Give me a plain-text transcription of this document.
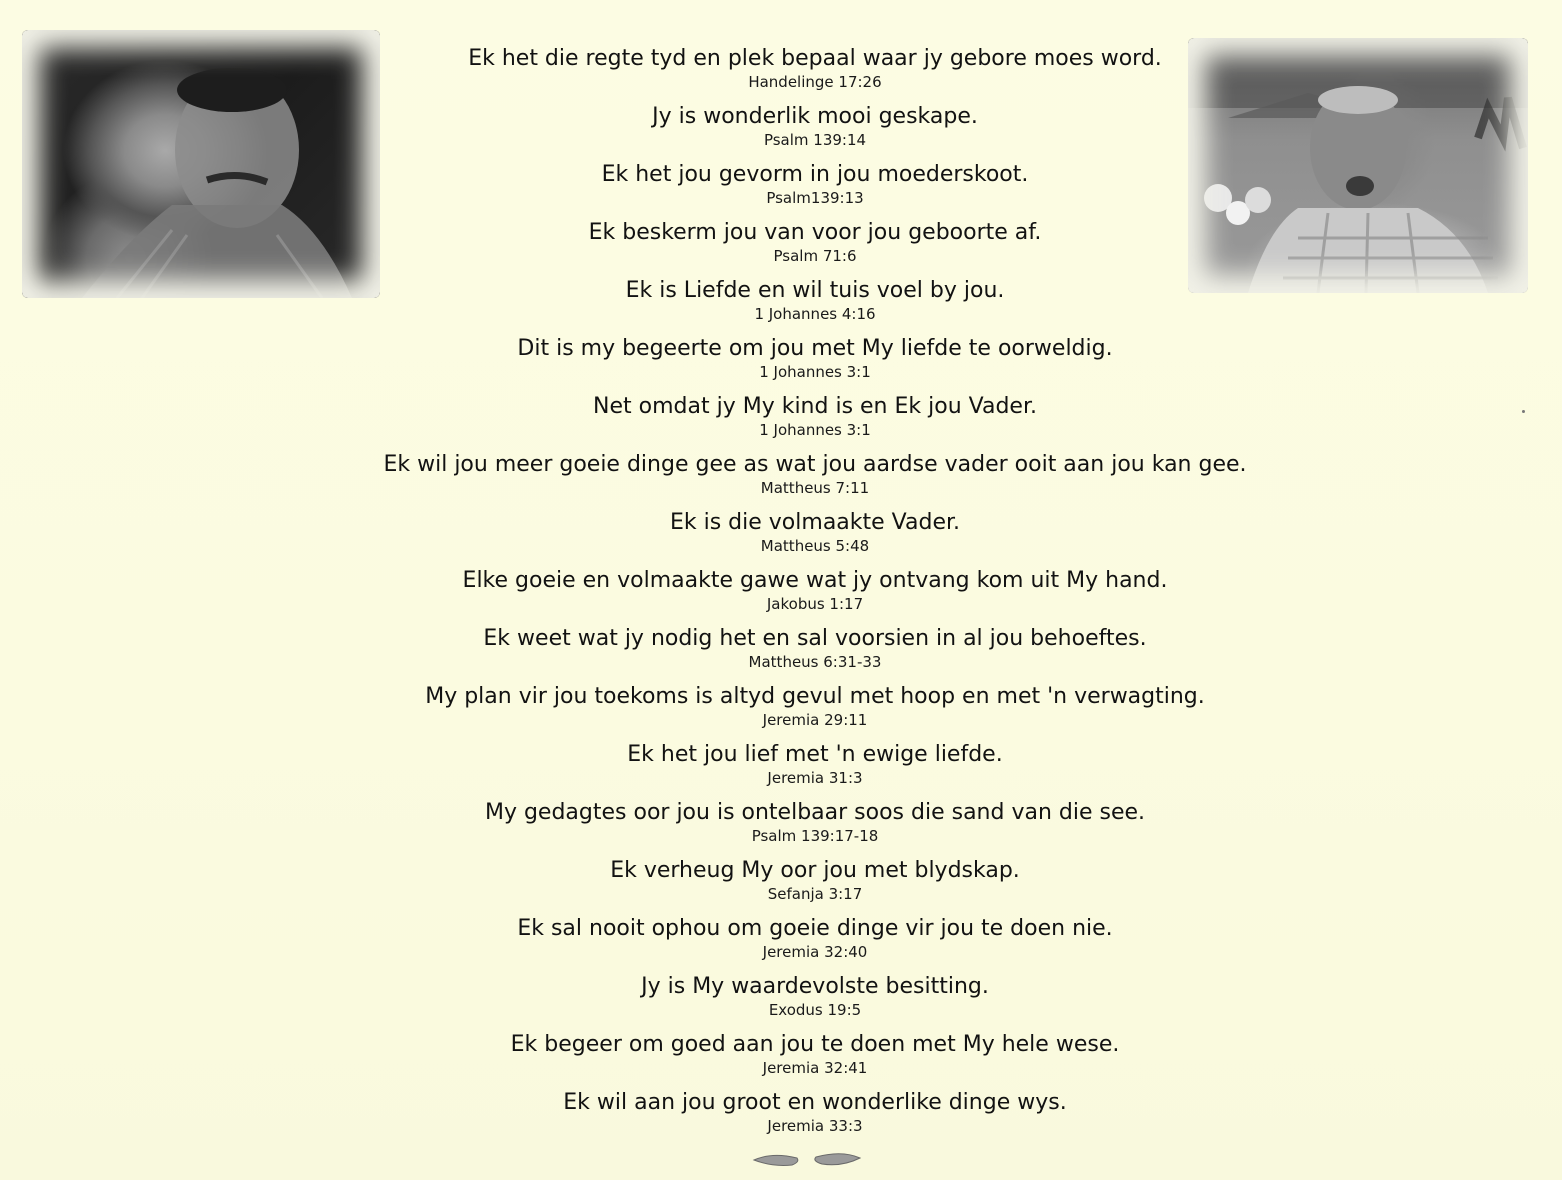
Ek het die regte tyd en plek bepaal waar jy gebore moes word.
Handelinge 17:26
Jy is wonderlik mooi geskape.
Psalm 139:14
Ek het jou gevorm in jou moederskoot.
Psalm139:13
Ek beskerm jou van voor jou geboorte af.
Psalm 71:6
Ek is Liefde en wil tuis voel by jou.
1 Johannes 4:16
Dit is my begeerte om jou met My liefde te oorweldig.
1 Johannes 3:1
Net omdat jy My kind is en Ek jou Vader.
1 Johannes 3:1
Ek wil jou meer goeie dinge gee as wat jou aardse vader ooit aan jou kan gee.
Mattheus 7:11
Ek is die volmaakte Vader.
Mattheus 5:48
Elke goeie en volmaakte gawe wat jy ontvang kom uit My hand.
Jakobus 1:17
Ek weet wat jy nodig het en sal voorsien in al jou behoeftes.
Mattheus 6:31-33
My plan vir jou toekoms is altyd gevul met hoop en met 'n verwagting.
Jeremia 29:11
Ek het jou lief met 'n ewige liefde.
Jeremia 31:3
My gedagtes oor jou is ontelbaar soos die sand van die see.
Psalm 139:17-18
Ek verheug My oor jou met blydskap.
Sefanja 3:17
Ek sal nooit ophou om goeie dinge vir jou te doen nie.
Jeremia 32:40
Jy is My waardevolste besitting.
Exodus 19:5
Ek begeer om goed aan jou te doen met My hele wese.
Jeremia 32:41
Ek wil aan jou groot en wonderlike dinge wys.
Jeremia 33:3
